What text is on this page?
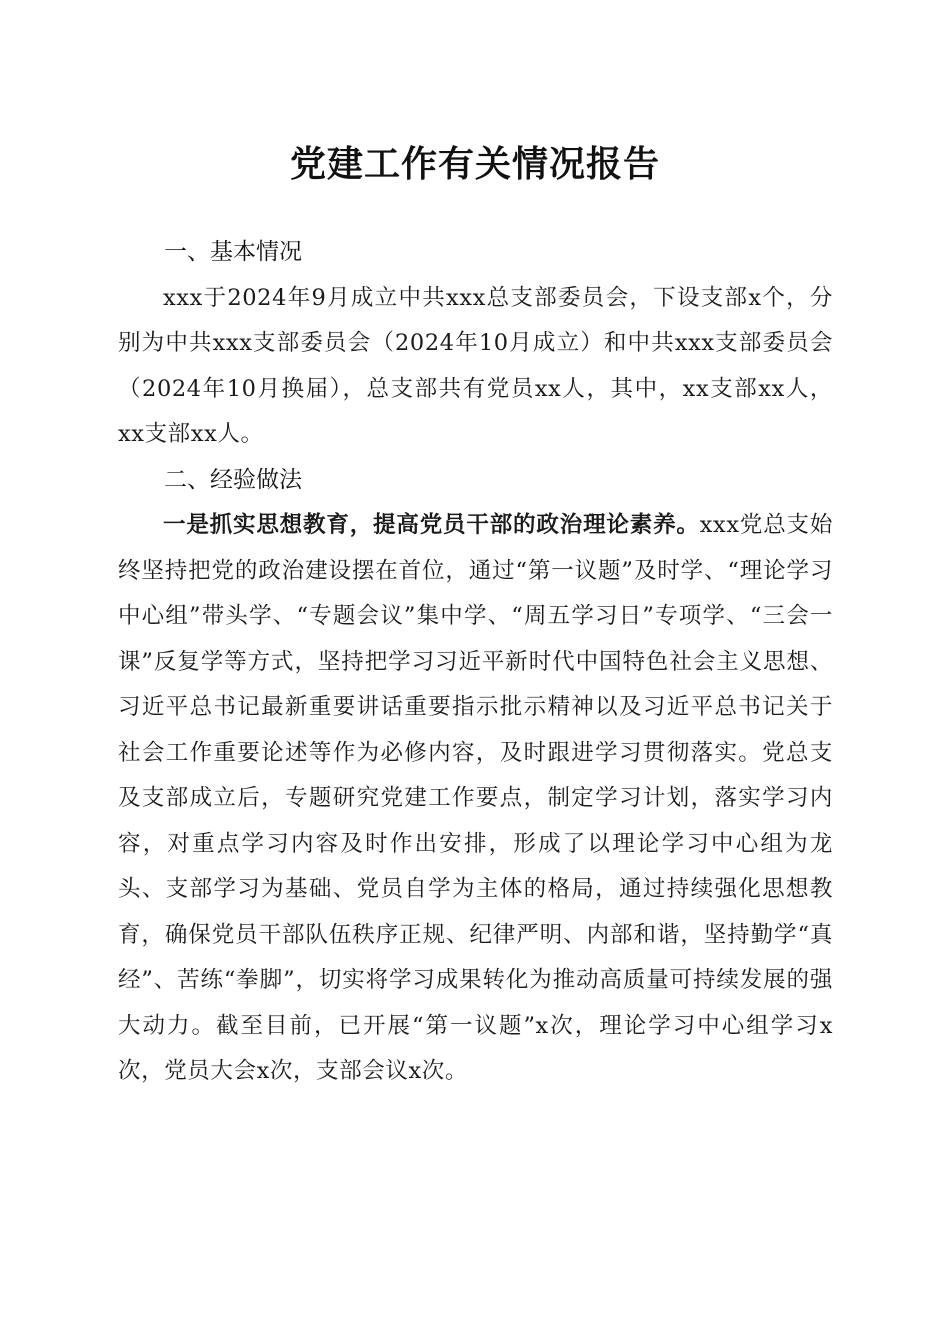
党建工作有关情况报告

一、基本情况

xxx于2024年9月成立中共xxx总支部委员会，下设支部x个，分别为中共xxx支部委员会（2024年10月成立）和中共xxx支部委员会（2024年10月换届），总支部共有党员xx人，其中，xx支部xx人，xx支部xx人。

二、经验做法

一是抓实思想教育，提高党员干部的政治理论素养。xxx党总支始终坚持把党的政治建设摆在首位，通过“第一议题”及时学、“理论学习中心组”带头学、“专题会议”集中学、“周五学习日”专项学、“三会一课”反复学等方式，坚持把学习习近平新时代中国特色社会主义思想、习近平总书记最新重要讲话重要指示批示精神以及习近平总书记关于社会工作重要论述等作为必修内容，及时跟进学习贯彻落实。党总支及支部成立后，专题研究党建工作要点，制定学习计划，落实学习内容，对重点学习内容及时作出安排，形成了以理论学习中心组为龙头、支部学习为基础、党员自学为主体的格局，通过持续强化思想教育，确保党员干部队伍秩序正规、纪律严明、内部和谐，坚持勤学“真经”、苦练“拳脚”，切实将学习成果转化为推动高质量可持续发展的强大动力。截至目前，已开展“第一议题”x次，理论学习中心组学习x次，党员大会x次，支部会议x次。
